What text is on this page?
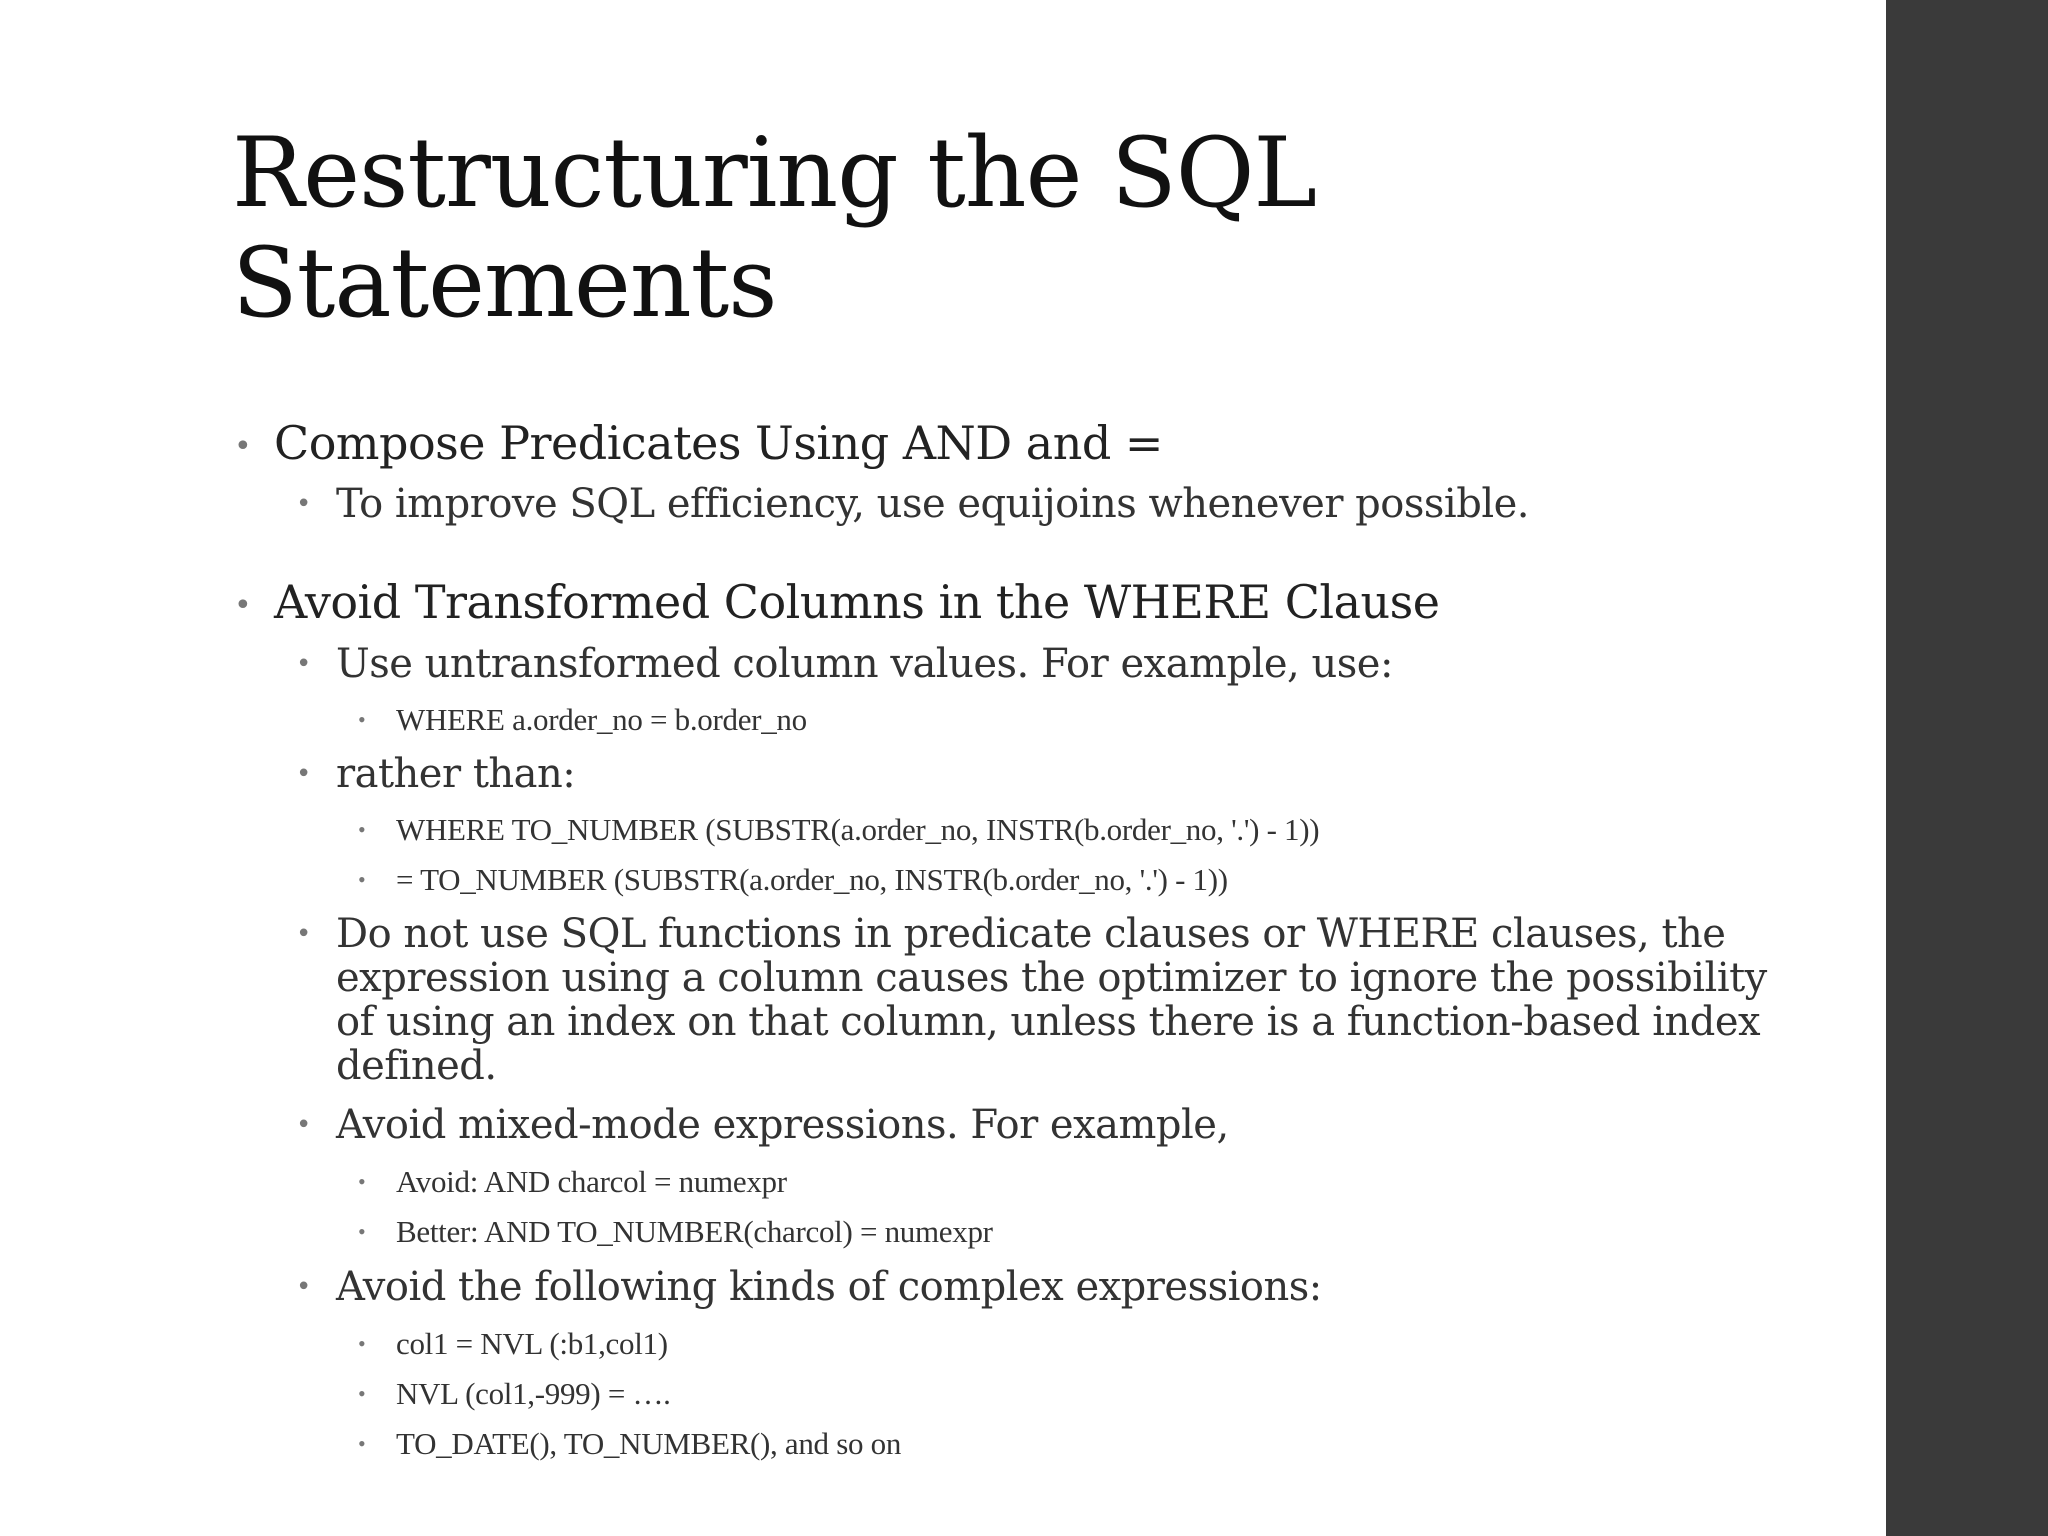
Restructuring the SQL
Statements

• Compose Predicates Using AND and =

• To improve SQL efficiency, use equijoins whenever possible.

• Avoid Transformed Columns in the WHERE Clause

• Use untransformed column values. For example, use:

• WHERE a.order_no = b.order_no

• rather than:

• WHERE TO_NUMBER (SUBSTR(a.order_no, INSTR(b.order_no, '.') - 1))

• = TO_NUMBER (SUBSTR(a.order_no, INSTR(b.order_no, '.') - 1))

• Do not use SQL functions in predicate clauses or WHERE clauses, the expression using a column causes the optimizer to ignore the possibility of using an index on that column, unless there is a function-based index defined.

• Avoid mixed-mode expressions. For example,

• Avoid: AND charcol = numexpr

• Better: AND TO_NUMBER(charcol) = numexpr

• Avoid the following kinds of complex expressions:

• col1 = NVL (:b1,col1)

• NVL (col1,-999) = ….

• TO_DATE(), TO_NUMBER(), and so on
